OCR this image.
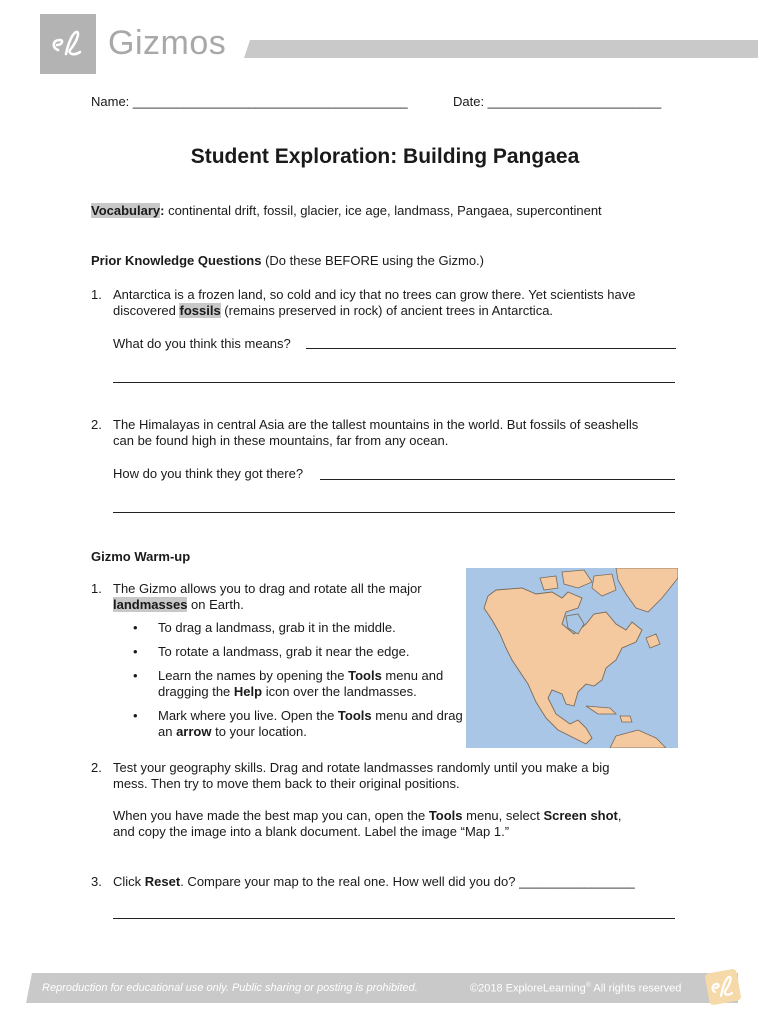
Gizmos
Name: ______________________________________	Date: ________________________
Student Exploration: Building Pangaea
Vocabulary: continental drift, fossil, glacier, ice age, landmass, Pangaea, supercontinent
Prior Knowledge Questions (Do these BEFORE using the Gizmo.)
1. Antarctica is a frozen land, so cold and icy that no trees can grow there. Yet scientists have
discovered fossils (remains preserved in rock) of ancient trees in Antarctica.
What do you think this means?
2. The Himalayas in central Asia are the tallest mountains in the world. But fossils of seashells
can be found high in these mountains, far from any ocean.
How do you think they got there?
Gizmo Warm-up
1. The Gizmo allows you to drag and rotate all the major
landmasses on Earth.
• To drag a landmass, grab it in the middle.
• To rotate a landmass, grab it near the edge.
• Learn the names by opening the Tools menu and dragging the Help icon over the landmasses.
• Mark where you live. Open the Tools menu and drag an arrow to your location.
2. Test your geography skills. Drag and rotate landmasses randomly until you make a big
mess. Then try to move them back to their original positions.
When you have made the best map you can, open the Tools menu, select Screen shot,
and copy the image into a blank document. Label the image “Map 1.”
3. Click Reset. Compare your map to the real one. How well did you do? ________________
Reproduction for educational use only. Public sharing or posting is prohibited.	©2018 ExploreLearning® All rights reserved
